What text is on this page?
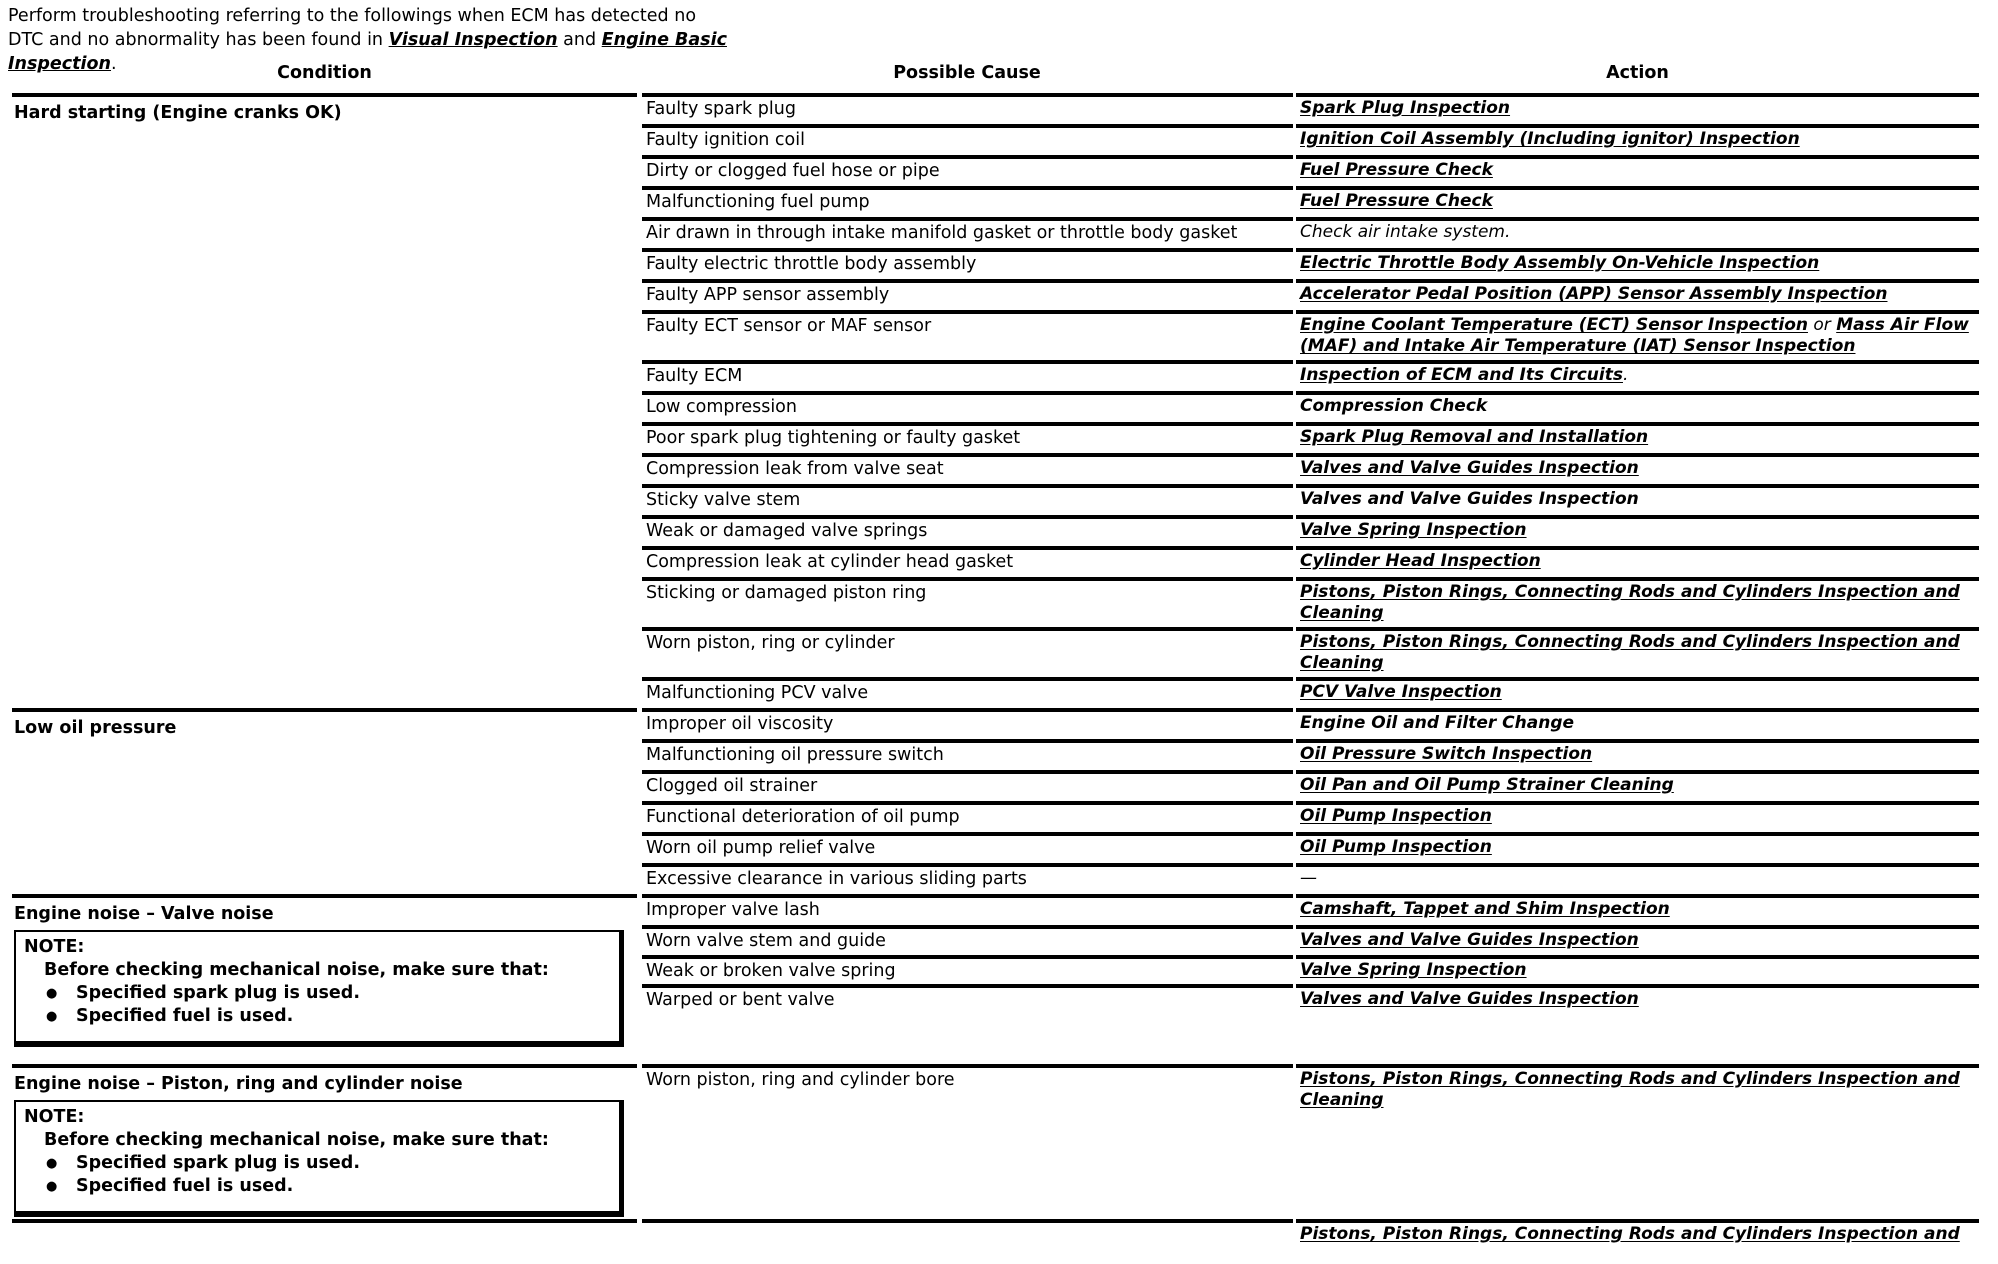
Perform troubleshooting referring to the followings when ECM has detected no
DTC and no abnormality has been found in Visual Inspection and Engine Basic Inspection.	Condition	Possible Cause	Action
Hard starting (Engine cranks OK)	Faulty spark plug	Spark Plug Inspection
Faulty ignition coil	Ignition Coil Assembly (Including ignitor) Inspection
Dirty or clogged fuel hose or pipe	Fuel Pressure Check
Malfunctioning fuel pump	Fuel Pressure Check
Air drawn in through intake manifold gasket or throttle body gasket	Check air intake system.
Faulty electric throttle body assembly	Electric Throttle Body Assembly On-Vehicle Inspection
Faulty APP sensor assembly	Accelerator Pedal Position (APP) Sensor Assembly Inspection
Faulty ECT sensor or MAF sensor	Engine Coolant Temperature (ECT) Sensor Inspection or Mass Air Flow (MAF) and Intake Air Temperature (IAT) Sensor Inspection
Faulty ECM	Inspection of ECM and Its Circuits.
Low compression	Compression Check
Poor spark plug tightening or faulty gasket	Spark Plug Removal and Installation
Compression leak from valve seat	Valves and Valve Guides Inspection
Sticky valve stem	Valves and Valve Guides Inspection
Weak or damaged valve springs	Valve Spring Inspection
Compression leak at cylinder head gasket	Cylinder Head Inspection
Sticking or damaged piston ring	Pistons, Piston Rings, Connecting Rods and Cylinders Inspection and Cleaning
Worn piston, ring or cylinder	Pistons, Piston Rings, Connecting Rods and Cylinders Inspection and Cleaning
Malfunctioning PCV valve	PCV Valve Inspection
Low oil pressure	Improper oil viscosity	Engine Oil and Filter Change
Malfunctioning oil pressure switch	Oil Pressure Switch Inspection
Clogged oil strainer	Oil Pan and Oil Pump Strainer Cleaning
Functional deterioration of oil pump	Oil Pump Inspection
Worn oil pump relief valve	Oil Pump Inspection
Excessive clearance in various sliding parts	—
Engine noise – Valve noise
NOTE:
Before checking mechanical noise, make sure that:
● Specified spark plug is used.
● Specified fuel is used.
Improper valve lash	Camshaft, Tappet and Shim Inspection
Worn valve stem and guide	Valves and Valve Guides Inspection
Weak or broken valve spring	Valve Spring Inspection
Warped or bent valve	Valves and Valve Guides Inspection
Engine noise – Piston, ring and cylinder noise
NOTE:
Before checking mechanical noise, make sure that:
● Specified spark plug is used.
● Specified fuel is used.
Worn piston, ring and cylinder bore	Pistons, Piston Rings, Connecting Rods and Cylinders Inspection and Cleaning
Pistons, Piston Rings, Connecting Rods and Cylinders Inspection and
